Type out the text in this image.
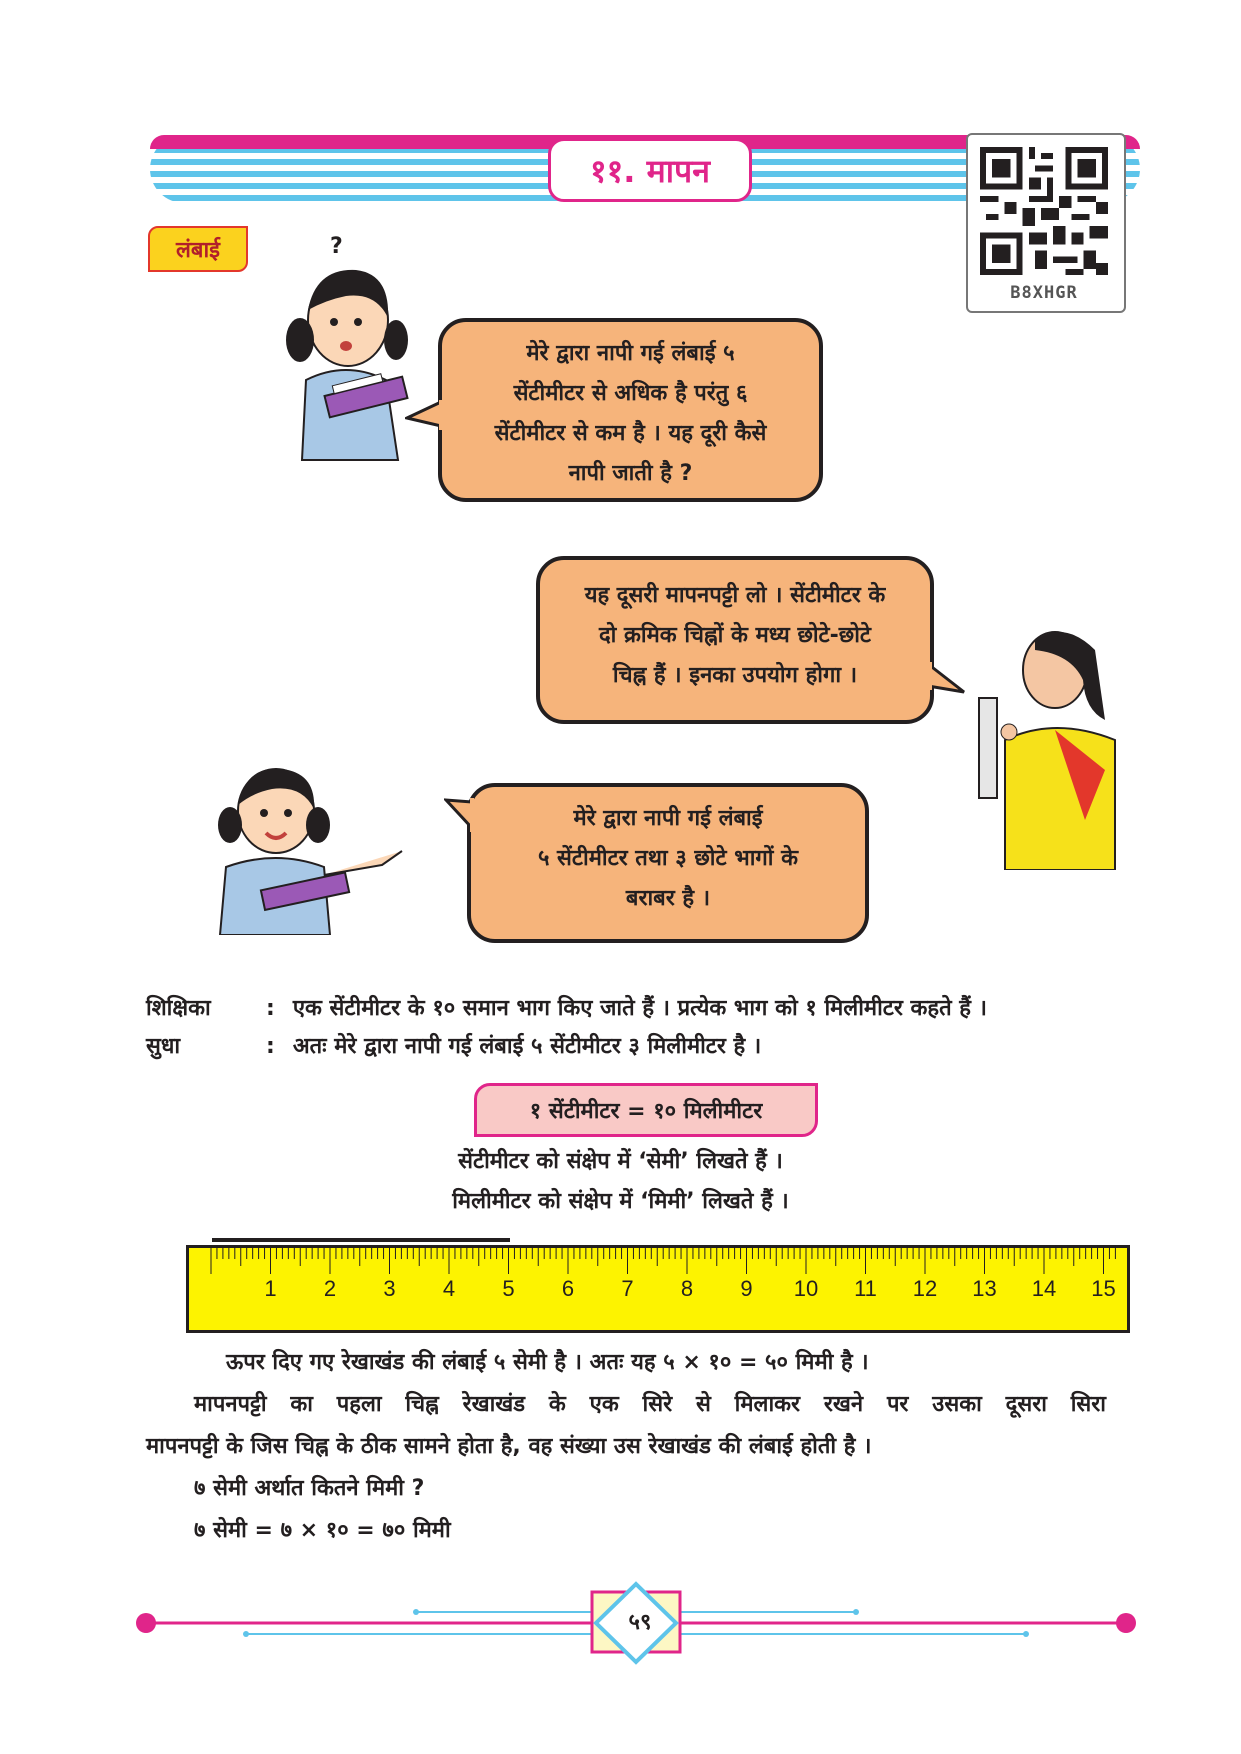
११. मापन
B8XHGR
लंबाई	?
मेरे द्वारा नापी गई लंबाई ५
सेंटीमीटर से अधिक है परंतु ६
सेंटीमीटर से कम है । यह दूरी कैसे
नापी जाती है ?
यह दूसरी मापनपट्टी लो । सेंटीमीटर के
दो क्रमिक चिह्नों के मध्य छोटे-छोटे
चिह्न हैं । इनका उपयोग होगा ।
मेरे द्वारा नापी गई लंबाई
५ सेंटीमीटर तथा ३ छोटे भागों के
बराबर है ।
शिक्षिका	: एक सेंटीमीटर के १० समान भाग किए जाते हैं । प्रत्येक भाग को १ मिलीमीटर कहते हैं ।
सुधा	: अतः मेरे द्वारा नापी गई लंबाई ५ सेंटीमीटर ३ मिलीमीटर है ।
१ सेंटीमीटर = १० मिलीमीटर
सेंटीमीटर को संक्षेप में ‘सेमी’ लिखते हैं ।
मिलीमीटर को संक्षेप में ‘मिमी’ लिखते हैं ।
1 2 3 4 5 6 7 8 9 10 11 12 13 14 15
ऊपर दिए गए रेखाखंड की लंबाई ५ सेमी है । अतः यह ५ × १० = ५० मिमी है ।
मापनपट्टी का पहला चिह्न रेखाखंड के एक सिरे से मिलाकर रखने पर उसका दूसरा सिरा
मापनपट्टी के जिस चिह्न के ठीक सामने होता है, वह संख्या उस रेखाखंड की लंबाई होती है ।
७ सेमी अर्थात कितने मिमी ?
७ सेमी = ७ × १० = ७० मिमी
५९
